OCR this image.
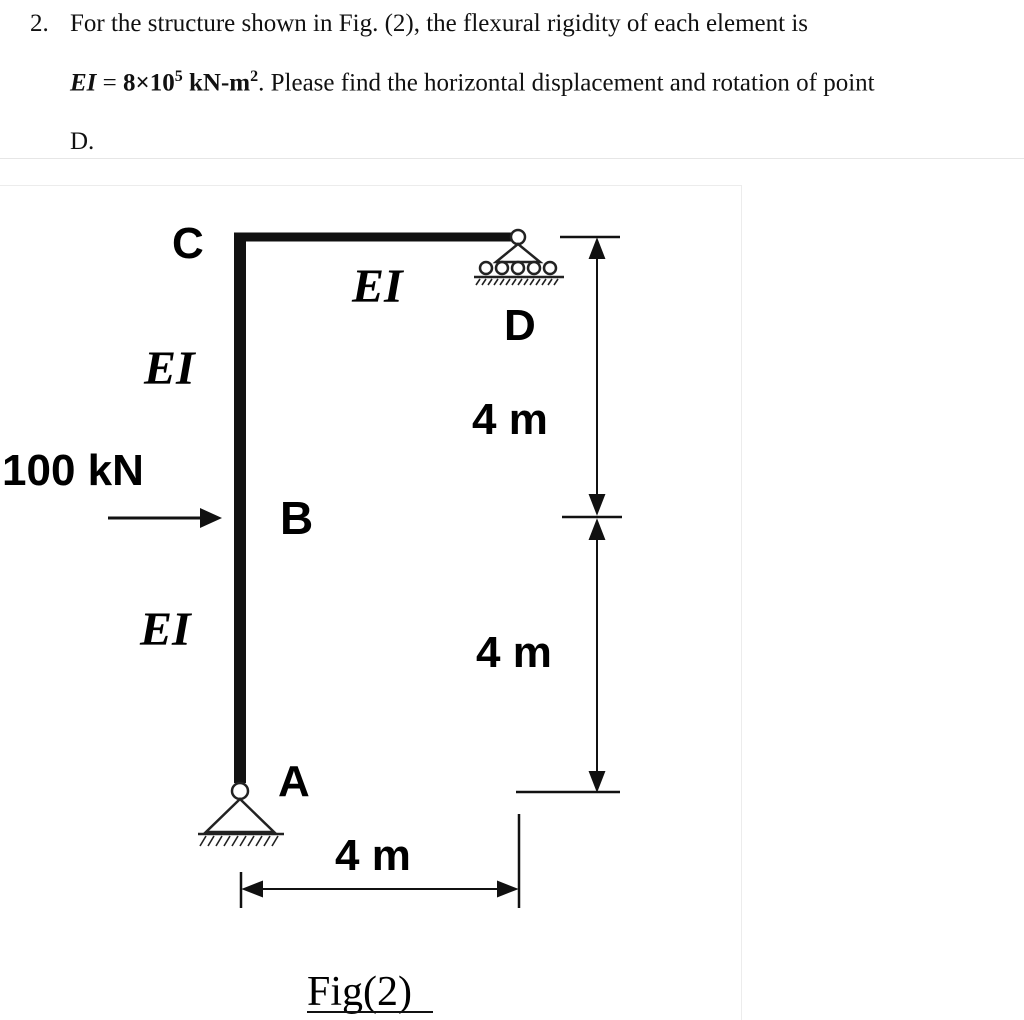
2. For the structure shown in Fig. (2), the flexural rigidity of each element is
EI = $8\times 10^5$ $kN-m^2$. Please find the horizontal displacement and rotation of point
D.
C
D
B
A
EI
EI
EI
100 kN
4 m
4 m
4 m
Fig(2)
